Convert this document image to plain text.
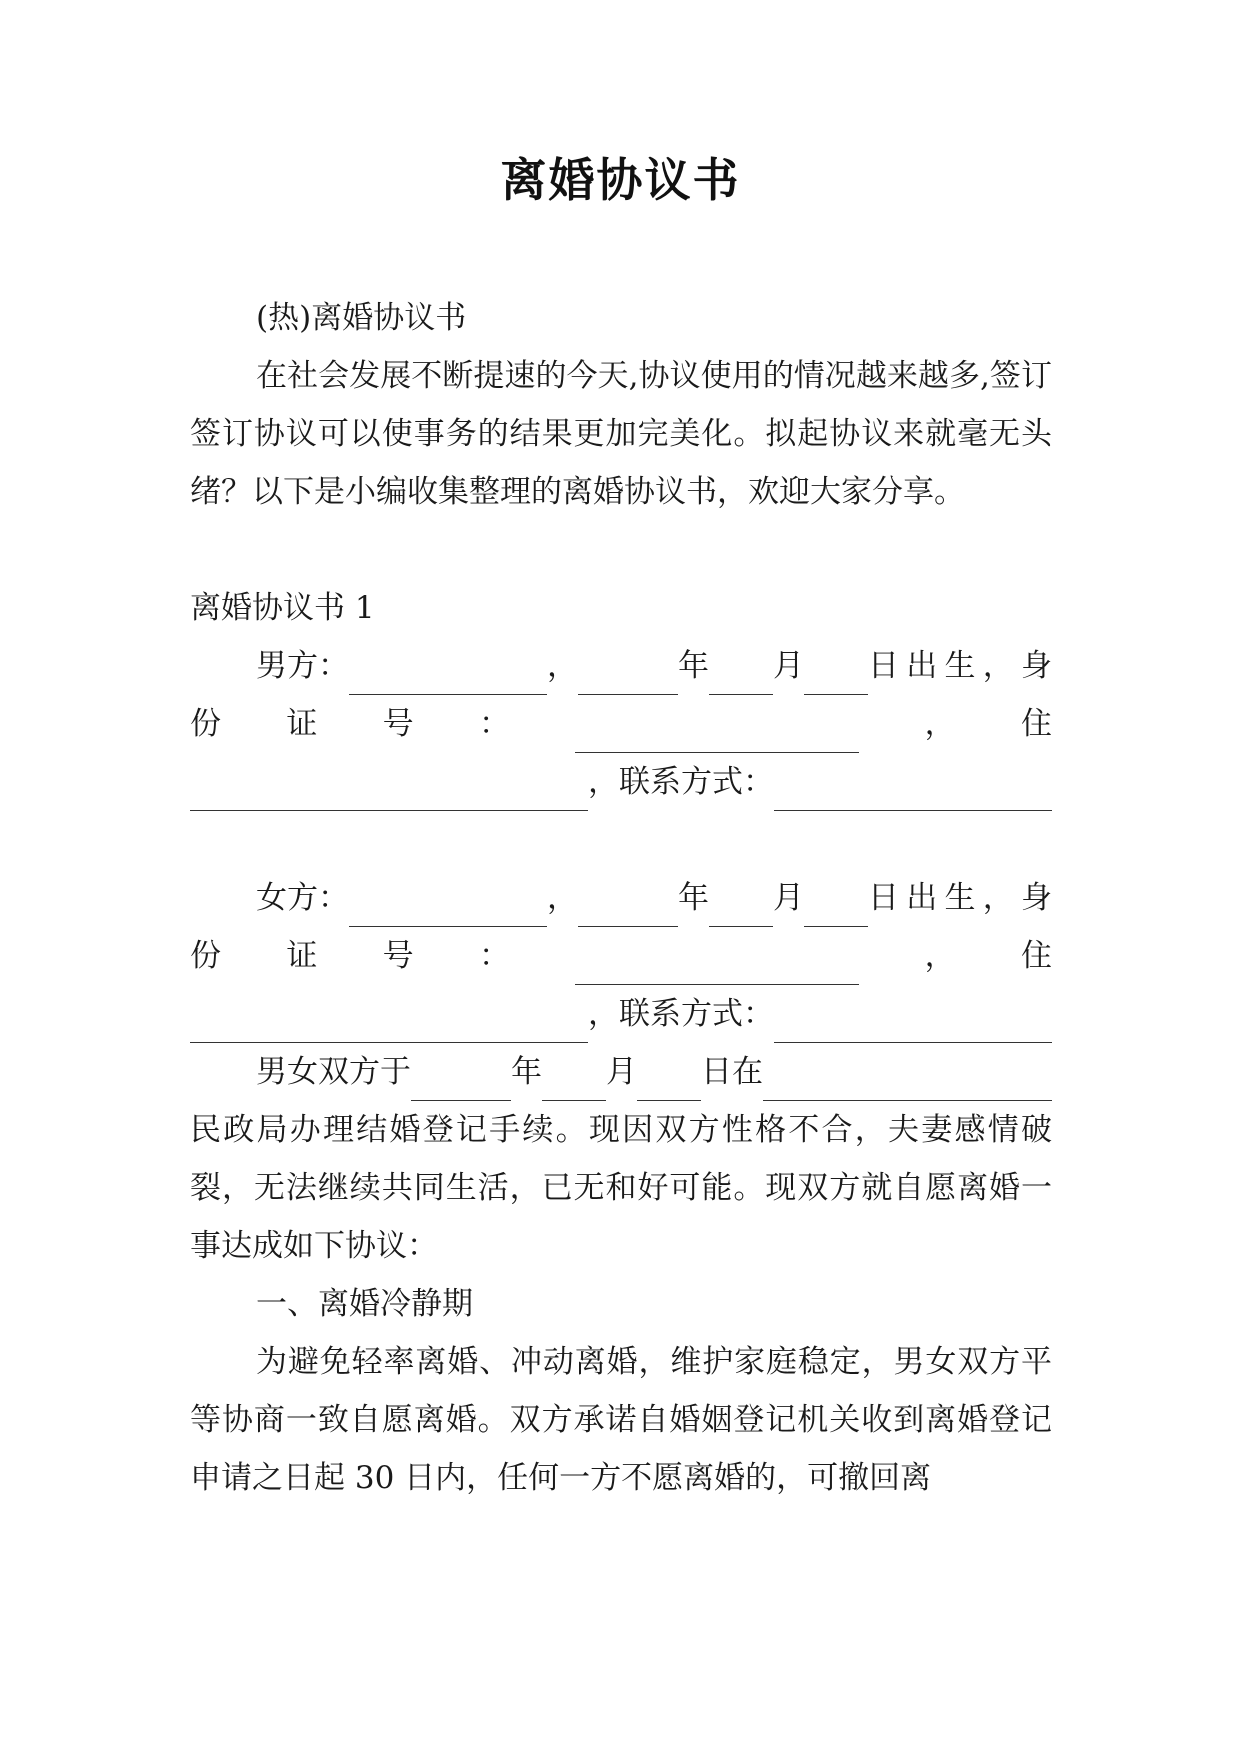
离婚协议书

(热)离婚协议书

在社会发展不断提速的今天,协议使用的情况越来越多,签订签订协议可以使事务的结果更加完美化。拟起协议来就毫无头绪？以下是小编收集整理的离婚协议书，欢迎大家分享。

离婚协议书 1

男方：	，	年 月 日出生，身
份 证 号 ：	， 住
，联系方式：
女方：	，	年 月 日出生，身
份 证 号 ：	， 住
，联系方式：
男女双方于	年 月 日在

民政局办理结婚登记手续。现因双方性格不合，夫妻感情破裂，无法继续共同生活，已无和好可能。现双方就自愿离婚一事达成如下协议：

一、离婚冷静期

为避免轻率离婚、冲动离婚，维护家庭稳定，男女双方平等协商一致自愿离婚。双方承诺自婚姻登记机关收到离婚登记申请之日起 30 日内，任何一方不愿离婚的，可撤回离
